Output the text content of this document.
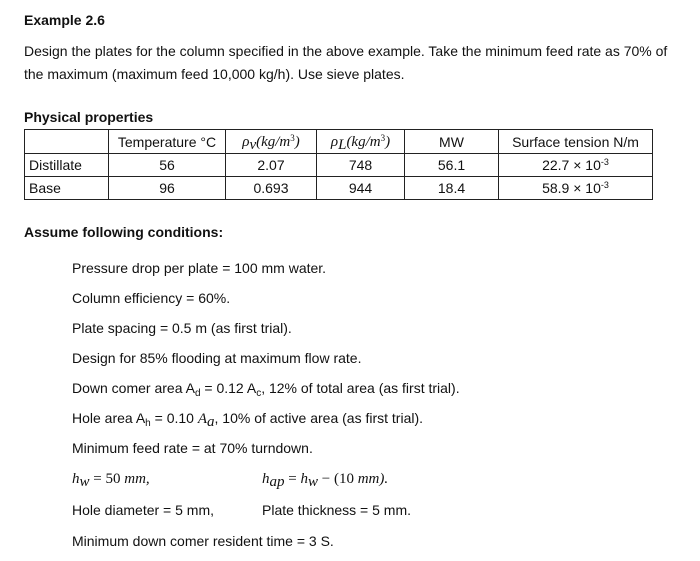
Example 2.6
Design the plates for the column specified in the above example. Take the minimum feed rate as 70% of
the maximum (maximum feed 10,000 kg/h). Use sieve plates.
Physical properties
	Temperature °C	$\rho_v(kg/m^3)$	$\rho_L(kg/m^3)$	MW	Surface tension N/m
Distillate	56	2.07	748	56.1	$22.7 \times 10^{-3}$
Base	96	0.693	944	18.4	$58.9 \times 10^{-3}$
Assume following conditions:
Pressure drop per plate = 100 mm water.
Column efficiency = 60%.
Plate spacing = 0.5 m (as first trial).
Design for 85% flooding at maximum flow rate.
Down comer area $A_d = 0.12$ $A_c$, 12% of total area (as first trial).
Hole area $A_h = 0.10$ $A_a$, 10% of active area (as first trial).
Minimum feed rate = at 70% turndown.
$h_w = 50$ mm,	$h_{ap} = h_w - (10$ mm).
Hole diameter = 5 mm,	Plate thickness = 5 mm.
Minimum down comer resident time = 3 S.
